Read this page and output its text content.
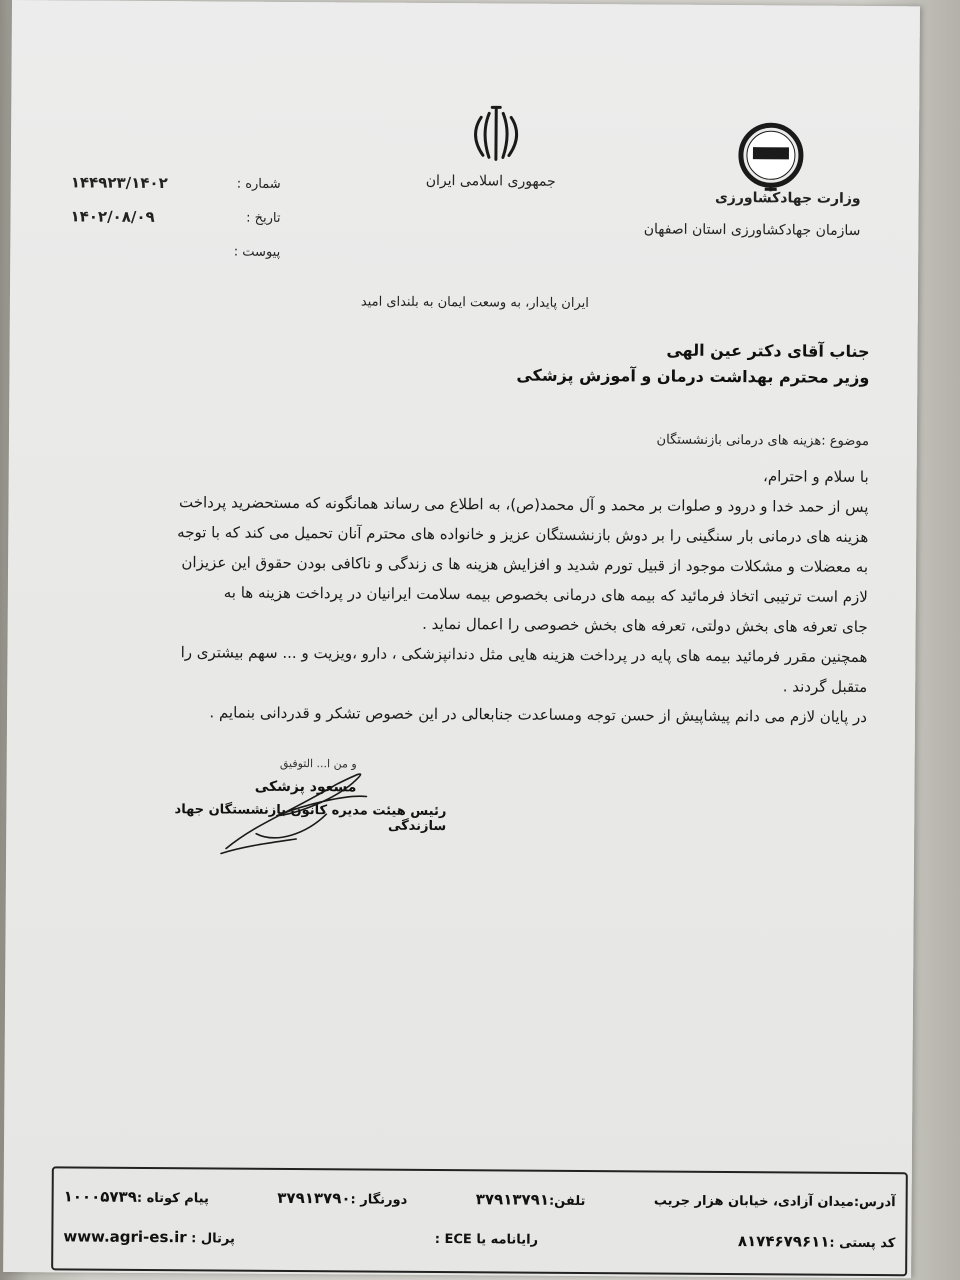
جمهوری اسلامی ایران
وزارت جهادکشاورزی
سازمان جهادکشاورزی استان اصفهان
۱۴۴۹۲۳/۱۴۰۲	شماره :
۱۴۰۲/۰۸/۰۹	تاریخ :
پیوست :
ایران پایدار، به وسعت ایمان به بلندای امید
جناب آقای دکتر عین الهی
وزیر محترم بهداشت درمان و آموزش پزشکی
موضوع :هزینه های درمانی بازنشستگان
با سلام و احترام،
پس از حمد خدا و درود و صلوات بر محمد و آل محمد(ص)، به اطلاع می رساند همانگونه که مستحضرید پرداخت
هزینه های درمانی بار سنگینی را بر دوش بازنشستگان عزیز و خانواده های محترم آنان تحمیل می کند که با توجه
به معضلات و مشکلات موجود از قبیل تورم شدید و افزایش هزینه ها ی زندگی و ناکافی بودن حقوق این عزیزان
لازم است ترتیبی اتخاذ فرمائید که بیمه های درمانی بخصوص بیمه سلامت ایرانیان در پرداخت هزینه ها به
جای تعرفه های بخش دولتی، تعرفه های بخش خصوصی را اعمال نماید .
همچنین مقرر فرمائید بیمه های پایه در پرداخت هزینه هایی مثل دندانپزشکی ، دارو ،ویزیت و ... سهم بیشتری را
متقبل گردند .
در پایان لازم می دانم پیشاپیش از حسن توجه ومساعدت جنابعالی در این خصوص تشکر و قدردانی بنمایم .
و من ا... التوفیق
مسعود پزشکی
رئیس هیئت مدیره کانون بازنشستگان جهاد سازندگی
آدرس:میدان آزادی، خیابان هزار جریب
تلفن:۳۷۹۱۳۷۹۱
دورنگار :۳۷۹۱۳۷۹۰
پیام کوتاه :۱۰۰۰۵۷۳۹
کد پستی :۸۱۷۴۶۷۹۶۱۱
رایانامه یا ECE :
پرتال : www.agri-es.ir
